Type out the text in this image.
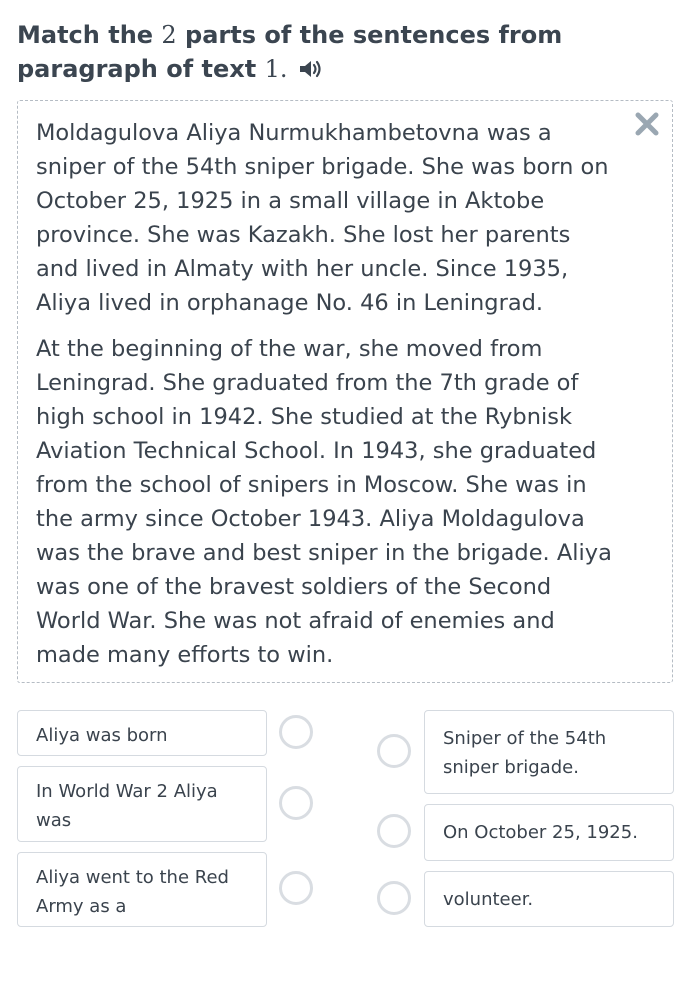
Match the 2 parts of the sentences from paragraph of text 1.

Moldagulova Aliya Nurmukhambetovna was a sniper of the 54th sniper brigade. She was born on October 25, 1925 in a small village in Aktobe province. She was Kazakh. She lost her parents and lived in Almaty with her uncle. Since 1935, Aliya lived in orphanage No. 46 in Leningrad.

At the beginning of the war, she moved from Leningrad. She graduated from the 7th grade of high school in 1942. She studied at the Rybnisk Aviation Technical School. In 1943, she graduated from the school of snipers in Moscow. She was in the army since October 1943. Aliya Moldagulova was the brave and best sniper in the brigade. Aliya was one of the bravest soldiers of the Second World War. She was not afraid of enemies and made many efforts to win.

Aliya was born
In World War 2 Aliya was
Aliya went to the Red Army as a
Sniper of the 54th sniper brigade.
On October 25, 1925.
volunteer.
